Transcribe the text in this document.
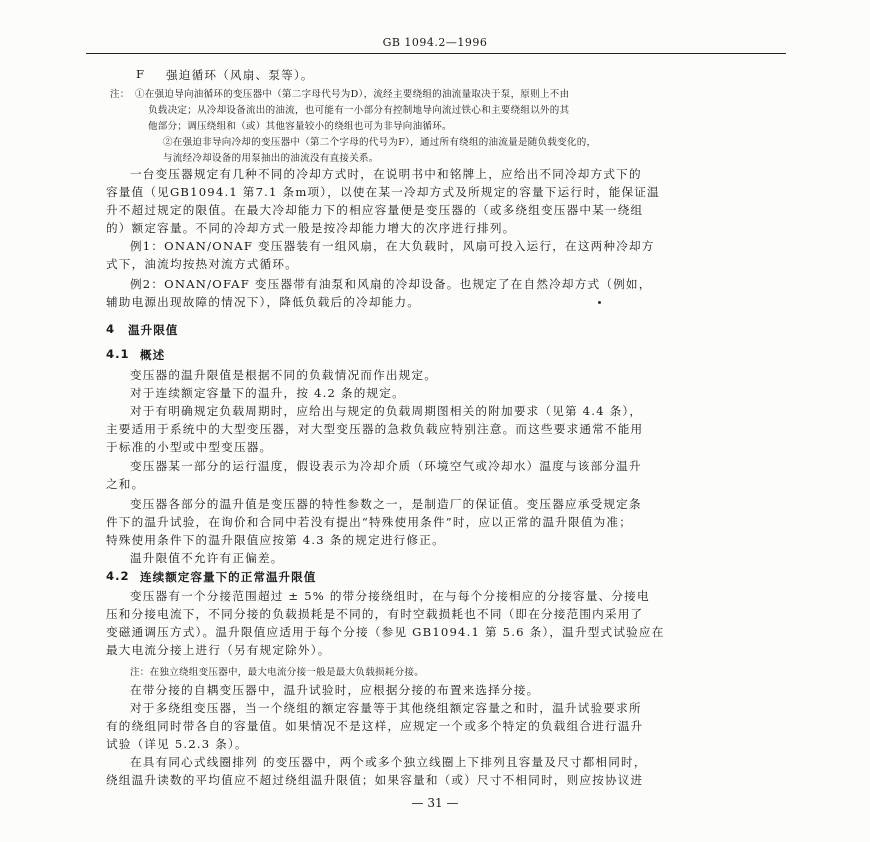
GB 1094.2—1996
F 强迫循环（风扇、泵等）。
注： ①在强迫导向油循环的变压器中（第二字母代号为D），流经主要绕组的油流量取决于泵，原则上不由
负载决定；从冷却设备流出的油流，也可能有一小部分有控制地导向流过铁心和主要绕组以外的其
他部分；调压绕组和（或）其他容量较小的绕组也可为非导向油循环。
②在强迫非导向冷却的变压器中（第二个字母的代号为F），通过所有绕组的油流量是随负载变化的，
与流经冷却设备的用泵抽出的油流没有直接关系。
一台变压器规定有几种不同的冷却方式时，在说明书中和铭牌上，应给出不同冷却方式下的
容量值（见GB1094.1 第7.1 条m项），以使在某一冷却方式及所规定的容量下运行时，能保证温
升不超过规定的限值。在最大冷却能力下的相应容量便是变压器的（或多绕组变压器中某一绕组
的）额定容量。不同的冷却方式一般是按冷却能力增大的次序进行排列。
例1：ONAN/ONAF 变压器装有一组风扇，在大负载时，风扇可投入运行，在这两种冷却方
式下，油流均按热对流方式循环。
例2：ONAN/OFAF 变压器带有油泵和风扇的冷却设备。也规定了在自然冷却方式（例如，
辅助电源出现故障的情况下），降低负载后的冷却能力。
4 温升限值
4.1 概述
变压器的温升限值是根据不同的负载情况而作出规定。
对于连续额定容量下的温升，按 4.2 条的规定。
对于有明确规定负载周期时，应给出与规定的负载周期图相关的附加要求（见第 4.4 条），
主要适用于系统中的大型变压器，对大型变压器的急救负载应特别注意。而这些要求通常不能用
于标准的小型或中型变压器。
变压器某一部分的运行温度，假设表示为冷却介质（环境空气或冷却水）温度与该部分温升
之和。
变压器各部分的温升值是变压器的特性参数之一，是制造厂的保证值。变压器应承受规定条
件下的温升试验，在询价和合同中若没有提出“特殊使用条件”时，应以正常的温升限值为准；
特殊使用条件下的温升限值应按第 4.3 条的规定进行修正。
温升限值不允许有正偏差。
4.2 连续额定容量下的正常温升限值
变压器有一个分接范围超过 ± 5% 的带分接绕组时，在与每个分接相应的分接容量、分接电
压和分接电流下，不同分接的负载损耗是不同的，有时空载损耗也不同（即在分接范围内采用了
变磁通调压方式）。温升限值应适用于每个分接（参见 GB1094.1 第 5.6 条），温升型式试验应在
最大电流分接上进行（另有规定除外）。
注：在独立绕组变压器中，最大电流分接一般是最大负载损耗分接。
在带分接的自耦变压器中，温升试验时，应根据分接的布置来选择分接。
对于多绕组变压器，当一个绕组的额定容量等于其他绕组额定容量之和时，温升试验要求所
有的绕组同时带各自的容量值。如果情况不是这样，应规定一个或多个特定的负载组合进行温升
试验（详见 5.2.3 条）。
在具有同心式线圈排列 的变压器中，两个或多个独立线圈上下排列且容量及尺寸都相同时，
绕组温升读数的平均值应不超过绕组温升限值；如果容量和（或）尺寸不相同时，则应按协议进
— 31 —
